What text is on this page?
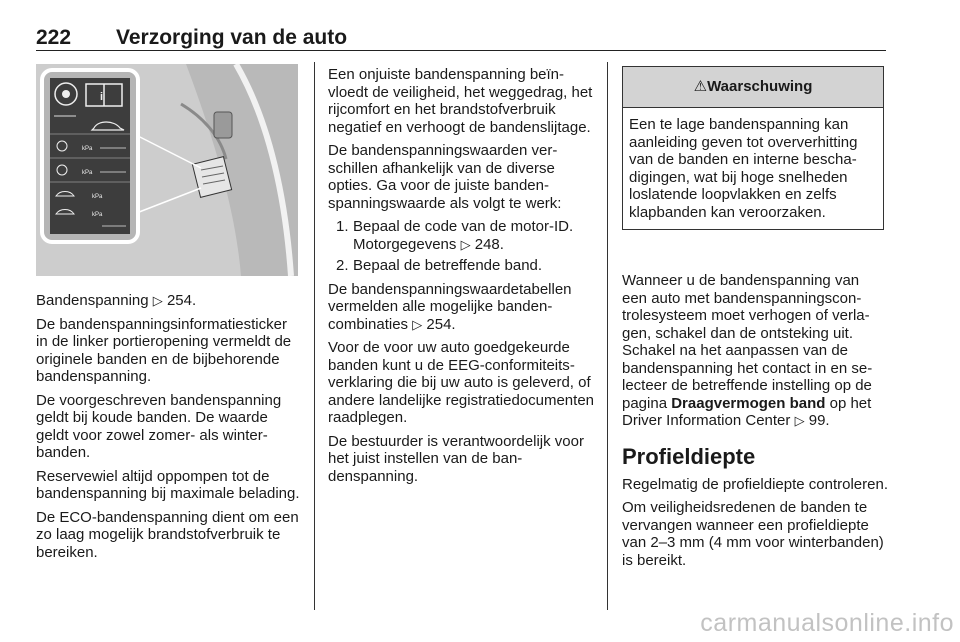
222 Verzorging van de auto
i
kPa
kPa
kPa
kPa

Bandenspanning ▷ 254.

De bandenspanningsinformatiesticker in de linker portieropening vermeldt de originele banden en de bijbehorende bandenspanning.

De voorgeschreven bandenspanning geldt bij koude banden. De waarde geldt voor zowel zomer- als winterbanden.

Reservewiel altijd oppompen tot de bandenspanning bij maximale belading.

De ECO-bandenspanning dient om een zo laag mogelijk brandstofverbruik te bereiken.

Een onjuiste bandenspanning beïnvloedt de veiligheid, het weggedrag, het rijcomfort en het brandstofverbruik negatief en verhoogt de bandenslijtage.

De bandenspanningswaarden verschillen afhankelijk van de diverse opties. Ga voor de juiste bandenspanningswaarde als volgt te werk:

1. Bepaal de code van de motor-ID. Motorgegevens ▷ 248.
2. Bepaal de betreffende band.

De bandenspanningswaardetabellen vermelden alle mogelijke bandencombinaties ▷ 254.

Voor de voor uw auto goedgekeurde banden kunt u de EEG-conformiteitsverklaring die bij uw auto is geleverd, of andere landelijke registratiedocumenten raadplegen.

De bestuurder is verantwoordelijk voor het juist instellen van de bandenspanning.

⚠Waarschuwing
Een te lage bandenspanning kan aanleiding geven tot oververhitting van de banden en interne beschadigingen, wat bij hoge snelheden loslatende loopvlakken en zelfs klapbanden kan veroorzaken.

Wanneer u de bandenspanning van een auto met bandenspanningscontrolesysteem moet verhogen of verlagen, schakel dan de ontsteking uit. Schakel na het aanpassen van de bandenspanning het contact in en selecteer de betreffende instelling op de pagina Draagvermogen band op het Driver Information Center ▷ 99.

Profieldiepte

Regelmatig de profieldiepte controleren.

Om veiligheidsredenen de banden te vervangen wanneer een profieldiepte van 2–3 mm (4 mm voor winterbanden) is bereikt.

carmanualsonline.info
